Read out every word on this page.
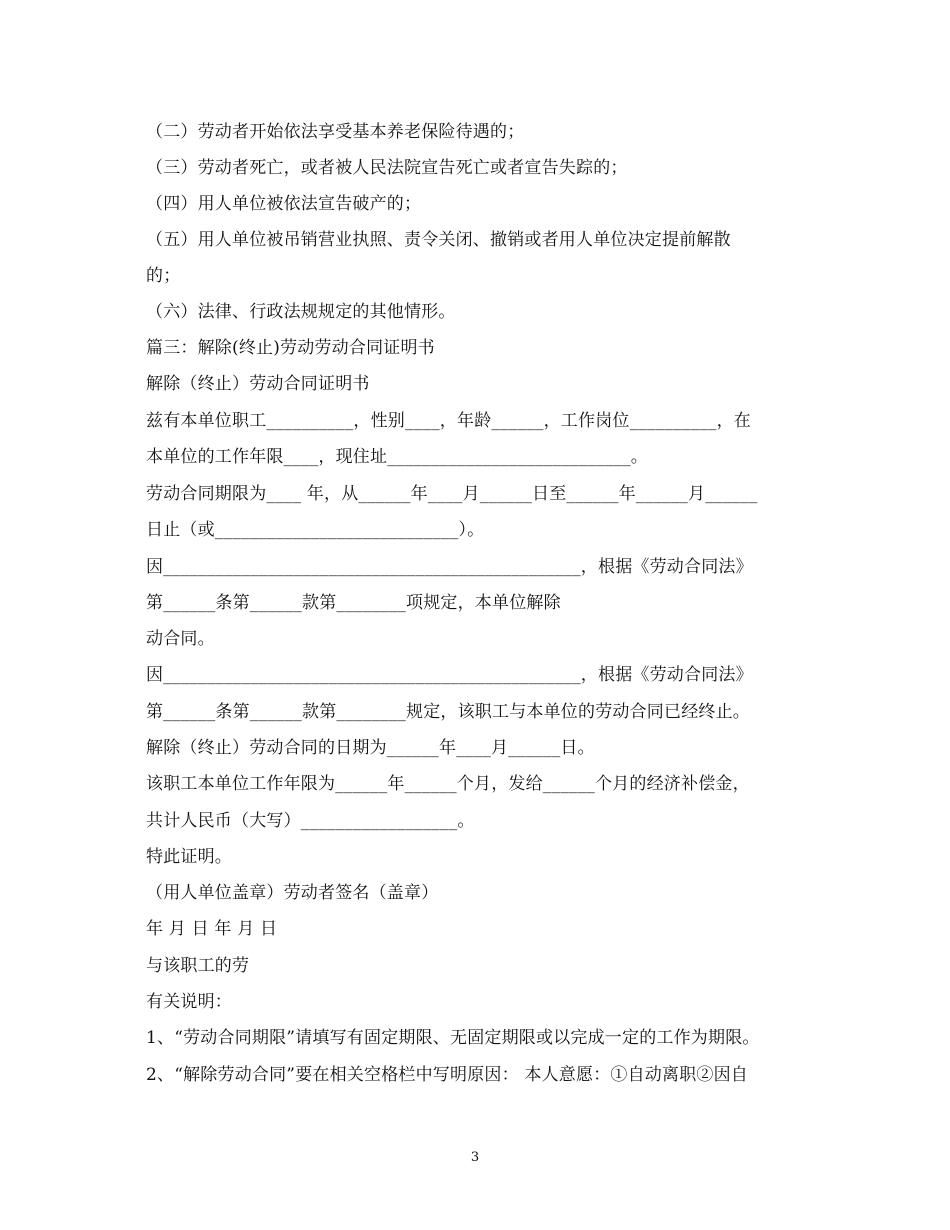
（二）劳动者开始依法享受基本养老保险待遇的；
（三）劳动者死亡，或者被人民法院宣告死亡或者宣告失踪的；
（四）用人单位被依法宣告破产的；
（五）用人单位被吊销营业执照、责令关闭、撤销或者用人单位决定提前解散
的；
（六）法律、行政法规规定的其他情形。
篇三：解除(终止)劳动劳动合同证明书
解除（终止）劳动合同证明书
兹有本单位职工__________，性别____，年龄______，工作岗位__________，在
本单位的工作年限____，现住址____________________________。
劳动合同期限为____ 年，从______年____月______日至______年______月______
日止（或____________________________）。
因________________________________________________，根据《劳动合同法》
第______条第______款第________项规定，本单位解除
动合同。
因________________________________________________，根据《劳动合同法》
第______条第______款第________规定，该职工与本单位的劳动合同已经终止。
解除（终止）劳动合同的日期为______年____月______日。
该职工本单位工作年限为______年______个月，发给______个月的经济补偿金，
共计人民币（大写）__________________。
特此证明。
（用人单位盖章）劳动者签名（盖章）
年 月 日 年 月 日
与该职工的劳
有关说明：
1、“劳动合同期限”请填写有固定期限、无固定期限或以完成一定的工作为期限。
2、“解除劳动合同”要在相关空格栏中写明原因： 本人意愿：①自动离职②因自
3
